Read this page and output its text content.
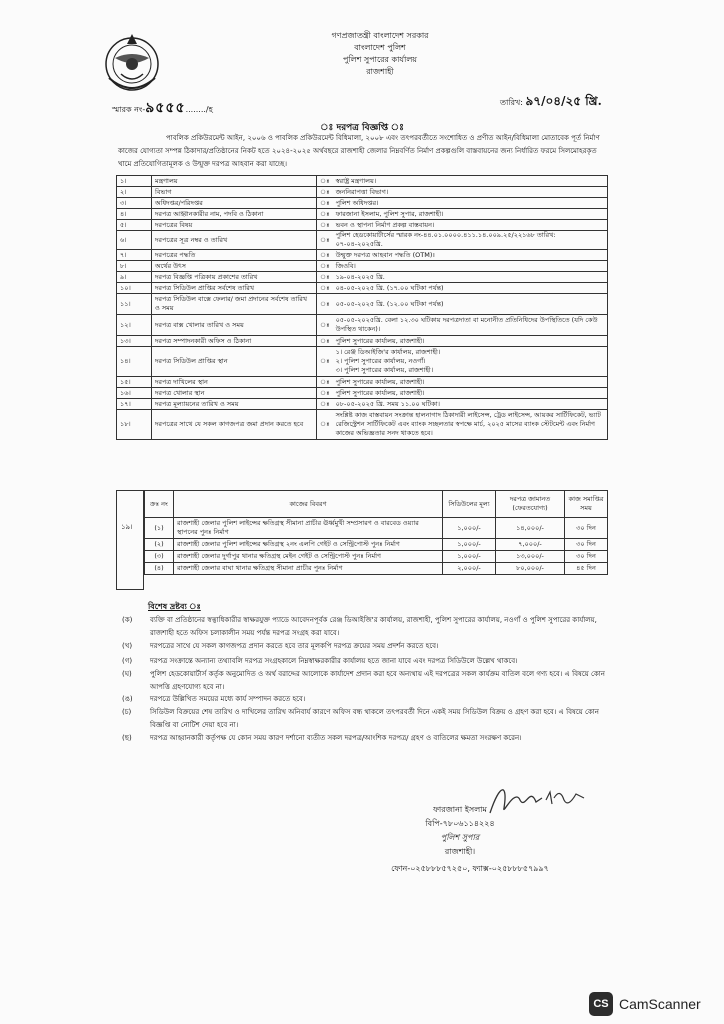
গণপ্রজাতন্ত্রী বাংলাদেশ সরকার
বাংলাদেশ পুলিশ
পুলিশ সুপারের কার্যালয়
রাজশাহী
স্মারক নং-৯৫৫৫......../হ
তারিখ: ৯৭/০৪/২৫ খ্রি.
ঃ দরপত্র বিজ্ঞপ্তি ঃ
পাবলিক প্রকিউরমেন্ট আইন, ২০০৬ ও পাবলিক প্রকিউরমেন্ট বিধিমালা, ২০০৮ এবং তৎপরবর্তীতে সংশোধিত ও প্রণীত আইন/বিধিমালা মোতাবেক পূর্ত নির্মাণ কাজের যোগ্যতা সম্পন্ন ঠিকাদার/প্রতিষ্ঠানের নিকট হতে ২০২৪-২০২৫ অর্থবছরে রাজশাহী জেলার নিম্নবর্ণিত নির্মাণ প্রকল্পগুলি বাস্তবায়নের জন্য নির্ধারিত ফরমে সিলমোহরকৃত খামে প্রতিযোগিতামূলক ও উন্মুক্ত দরপত্র আহবান করা যাচ্ছে।
১।	মন্ত্রণালয়	ঃ	স্বরাষ্ট্র মন্ত্রণালয়।
২।	বিভাগ	ঃ	জননিরাপত্তা বিভাগ।
৩।	অধিদপ্তর/পরিদপ্তর	ঃ	পুলিশ অধিদপ্তর।
৪।	দরপত্র আহ্বানকারীর নাম, পদবি ও ঠিকানা	ঃ	ফারজানা ইসলাম, পুলিশ সুপার, রাজশাহী।
৫।	দরপত্রের বিষয়	ঃ	ভবন ও স্থাপনা নির্মাণ প্রকল্প বাস্তবায়ন।
৬।	দরপত্রের সূত্র নম্বর ও তারিখ	ঃ	পুলিশ হেডকোয়ার্টার্সের স্মারক নং-৪৪.০১.০০০০.৪১১.১৪.০০৯.২৫/২২১৬৮ তারিখ: ০৭-০৪-২০২৫খ্রি.
৭।	দরপত্রের পদ্ধতি	ঃ	উন্মুক্ত দরপত্র আহবান পদ্ধতি (OTM)।
৮।	অর্থের উৎস	ঃ	জিওবি।
৯।	দরপত্র বিজ্ঞপ্তি পত্রিকায় প্রকাশের তারিখ	ঃ	১৯-০৪-২০২৫ খ্রি.
১০।	দরপত্র সিডিউল প্রাপ্তির সর্বশেষ তারিখ	ঃ	০৪-০৫-২০২৫ খ্রি. (১৭.০০ ঘটিকা পর্যন্ত)
১১।	দরপত্র সিডিউল বাক্সে ফেলার/ জমা প্রদানের সর্বশেষ তারিখ ও সময়	ঃ	০৫-০৫-২০২৫ খ্রি. (১২.০০ ঘটিকা পর্যন্ত)
১২।	দরপত্র বাক্স খোলার তারিখ ও সময়	ঃ	০৫-০৫-২০২৫খ্রি. বেলা ১২.৩০ ঘটিকায় দরপত্রদাতা বা মনোনীত প্রতিনিধিদের উপস্থিতিতে (যদি কেউ উপস্থিত থাকেন)।
১৩।	দরপত্র সম্পাদনকারী অফিস ও ঠিকানা	ঃ	পুলিশ সুপারের কার্যালয়, রাজশাহী।
১৪।	দরপত্র সিডিউল প্রাপ্তির স্থান	ঃ	১। রেঞ্জ ডিআইজি'র কার্যালয়, রাজশাহী।
২। পুলিশ সুপারের কার্যালয়, নওগাঁ।
৩। পুলিশ সুপারের কার্যালয়, রাজশাহী।
১৫।	দরপত্র দাখিলের স্থান	ঃ	পুলিশ সুপারের কার্যালয়, রাজশাহী।
১৬।	দরপত্র খোলার স্থান	ঃ	পুলিশ সুপারের কার্যালয়, রাজশাহী।
১৭।	দরপত্র মূল্যায়নের তারিখ ও সময়	ঃ	০৮-০৫-২০২৫ খ্রি. সময় ১১.০০ ঘটিকা।
১৮।	দরপত্রের সাথে যে সকল কাগজপত্র জমা প্রদান করতে হবে	ঃ	সংশ্লিষ্ট কাজ বাস্তবায়ন সংক্রান্ত হালনাগাদ ঠিকাদারী লাইসেন্স, ট্রেড লাইসেন্স, আয়কর সার্টিফিকেট, ভ্যাট রেজিস্ট্রেশন সার্টিফিকেট এবং ব্যাংক সচ্ছলতার স্বপক্ষে মার্চ, ২০২৫ মাসের ব্যাংক স্টেটমেন্ট এবং নির্মাণ কাজের অভিজ্ঞতার সনদ থাকতে হবে।
১৯।
ক্রঃ নং	কাজের বিবরণ	সিডিউলের মূল্য	দরপত্র জামানত (ফেরতযোগ্য)	কাজ সমাপ্তির সময়
(১)	রাজশাহী জেলার পুলিশ লাইন্সের ক্ষতিগ্রস্থ সীমানা প্রাচীর ঊর্ধ্বমুখী সম্প্রসারণ ও বারবেড ওয়্যার স্থাপনের পুনঃ নির্মাণ	১,০০০/-	১৪,০০০/-	৩০ দিন
(২)	রাজশাহী জেলার পুলিশ লাইন্সের ক্ষতিগ্রস্থ ২নং এলপি গেইট ও সেন্ট্রিপোস্ট পুনঃ নির্মাণ	১,০০০/-	৭,০০০/-	৩০ দিন
(৩)	রাজশাহী জেলার দুর্গাপুর থানার ক্ষতিগ্রস্থ মেইন গেইট ও সেন্ট্রিপোস্ট পুনঃ নির্মাণ	১,০০০/-	১৩,০০০/-	৩০ দিন
(৪)	রাজশাহী জেলার বাঘা থানার ক্ষতিগ্রস্থ সীমানা প্রাচীর পুনঃ নির্মাণ	২,০০০/-	৮০,০০০/-	৪৫ দিন
বিশেষ দ্রষ্টব্য ঃ
(ক)	ব্যক্তি বা প্রতিষ্ঠানের স্বত্বাধিকারীর স্বাক্ষরযুক্ত প্যাডে আবেদনপূর্বক রেঞ্জ ডিআইজি'র কার্যালয়, রাজশাহী, পুলিশ সুপারের কার্যালয়, নওগাঁ ও পুলিশ সুপারের কার্যালয়, রাজশাহী হতে অফিস চলাকালীন সময় পর্যন্ত দরপত্র সংগ্রহ করা যাবে।
(খ)	দরপত্রের সাথে যে সকল কাগজপত্র প্রদান করতে হবে তার মূলকপি দরপত্র ক্রয়ের সময় প্রদর্শন করতে হবে।
(গ)	দরপত্র সংক্রান্তে অন্যান্য তথ্যাবলি দরপত্র সংগ্রহকালে নিম্নস্বাক্ষরকারীর কার্যালয় হতে জানা যাবে এবং দরপত্র সিডিউলে উল্লেখ থাকবে।
(ঘ)	পুলিশ হেডকোয়ার্টার্স কর্তৃক অনুমোদিত ও অর্থ বরাদ্দের আলোকে কার্যাদেশ প্রদান করা হবে অন্যথায় এই দরপত্রের সকল কার্যক্রম বাতিল বলে গণ্য হবে। এ বিষয়ে কোন আপত্তি গ্রহণযোগ্য হবে না।
(ঙ) দরপত্রে উল্লিখিত সময়ের মধ্যে কার্য সম্পাদন করতে হবে।
(চ)	সিডিউল বিক্রয়ের শেষ তারিখ ও দাখিলের তারিখ অনিবার্য কারণে অফিস বন্ধ থাকলে তৎপরবর্তী দিনে একই সময় সিডিউল বিক্রয় ও গ্রহণ করা হবে। এ বিষয়ে কোন বিজ্ঞপ্তি বা নোটিশ দেয়া হবে না।
(ছ)	দরপত্র আহ্বানকারী কর্তৃপক্ষ যে কোন সময় কারণ দর্শানো ব্যতীত সকল দরপত্র/আংশিক দরপত্র/ গ্রহণ ও বাতিলের ক্ষমতা সংরক্ষণ করেন।
ফারজানা ইসলাম
বিপি-৭৮০৬১১৪২২৪
পুলিশ সুপার
রাজশাহী।
ফোন-০২৫৮৮৮৫৭২৫০, ফ্যাক্স-০২৫৮৮৮৫৭৯৯৭
CS CamScanner
